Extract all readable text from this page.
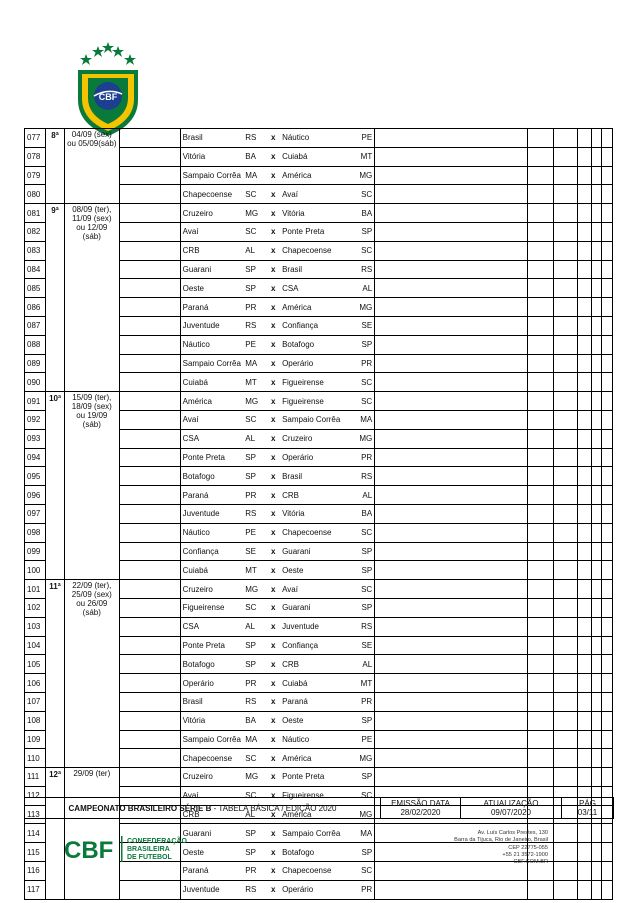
CBF
077	8ª	04/09 (sex) ou 05/09(sáb)		Brasil	RS	x	Náutico	PE						
078				Vitória	BA	x	Cuiabá	MT						
079				Sampaio Corrêa	MA	x	América	MG						
080				Chapecoense	SC	x	Avaí	SC						
081	9ª	08/09 (ter), 11/09 (sex) ou 12/09 (sáb)		Cruzeiro	MG	x	Vitória	BA						
082				Avaí	SC	x	Ponte Preta	SP						
083				CRB	AL	x	Chapecoense	SC						
084				Guarani	SP	x	Brasil	RS						
085				Oeste	SP	x	CSA	AL						
086				Paraná	PR	x	América	MG						
087				Juventude	RS	x	Confiança	SE						
088				Náutico	PE	x	Botafogo	SP						
089				Sampaio Corrêa	MA	x	Operário	PR						
090				Cuiabá	MT	x	Figueirense	SC						
091	10ª	15/09 (ter), 18/09 (sex) ou 19/09 (sáb)		América	MG	x	Figueirense	SC						
092				Avaí	SC	x	Sampaio Corrêa	MA						
093				CSA	AL	x	Cruzeiro	MG						
094				Ponte Preta	SP	x	Operário	PR						
095				Botafogo	SP	x	Brasil	RS						
096				Paraná	PR	x	CRB	AL						
097				Juventude	RS	x	Vitória	BA						
098				Náutico	PE	x	Chapecoense	SC						
099				Confiança	SE	x	Guarani	SP						
100				Cuiabá	MT	x	Oeste	SP						
101	11ª	22/09 (ter), 25/09 (sex) ou 26/09 (sáb)		Cruzeiro	MG	x	Avaí	SC						
102				Figueirense	SC	x	Guarani	SP						
103				CSA	AL	x	Juventude	RS						
104				Ponte Preta	SP	x	Confiança	SE						
105				Botafogo	SP	x	CRB	AL						
106				Operário	PR	x	Cuiabá	MT						
107				Brasil	RS	x	Paraná	PR						
108				Vitória	BA	x	Oeste	SP						
109				Sampaio Corrêa	MA	x	Náutico	PE						
110				Chapecoense	SC	x	América	MG						
111	12ª	29/09 (ter)		Cruzeiro	MG	x	Ponte Preta	SP						
112				Avaí	SC	x	Figueirense	SC						
113				CRB	AL	x	América	MG						
114				Guarani	SP	x	Sampaio Corrêa	MA						
115				Oeste	SP	x	Botafogo	SP						
116				Paraná	PR	x	Chapecoense	SC						
117				Juventude	RS	x	Operário	PR						
CAMPEONATO BRASILEIRO SÉRIE B - TABELA BÁSICA / EDIÇÃO 2020	EMISSÃO DATA
28/02/2020

ATUALIZAÇÃO
09/07/2020

PÁG
03/11
CBF CONFEDERAÇÃO
BRASILEIRA
DE FUTEBOL
Av. Luís Carlos Prestes, 130
Barra da Tijuca, Rio de Janeiro, Brasil
CEP 22775-055
+55 21 3572-1900
CBF.COM.BR
